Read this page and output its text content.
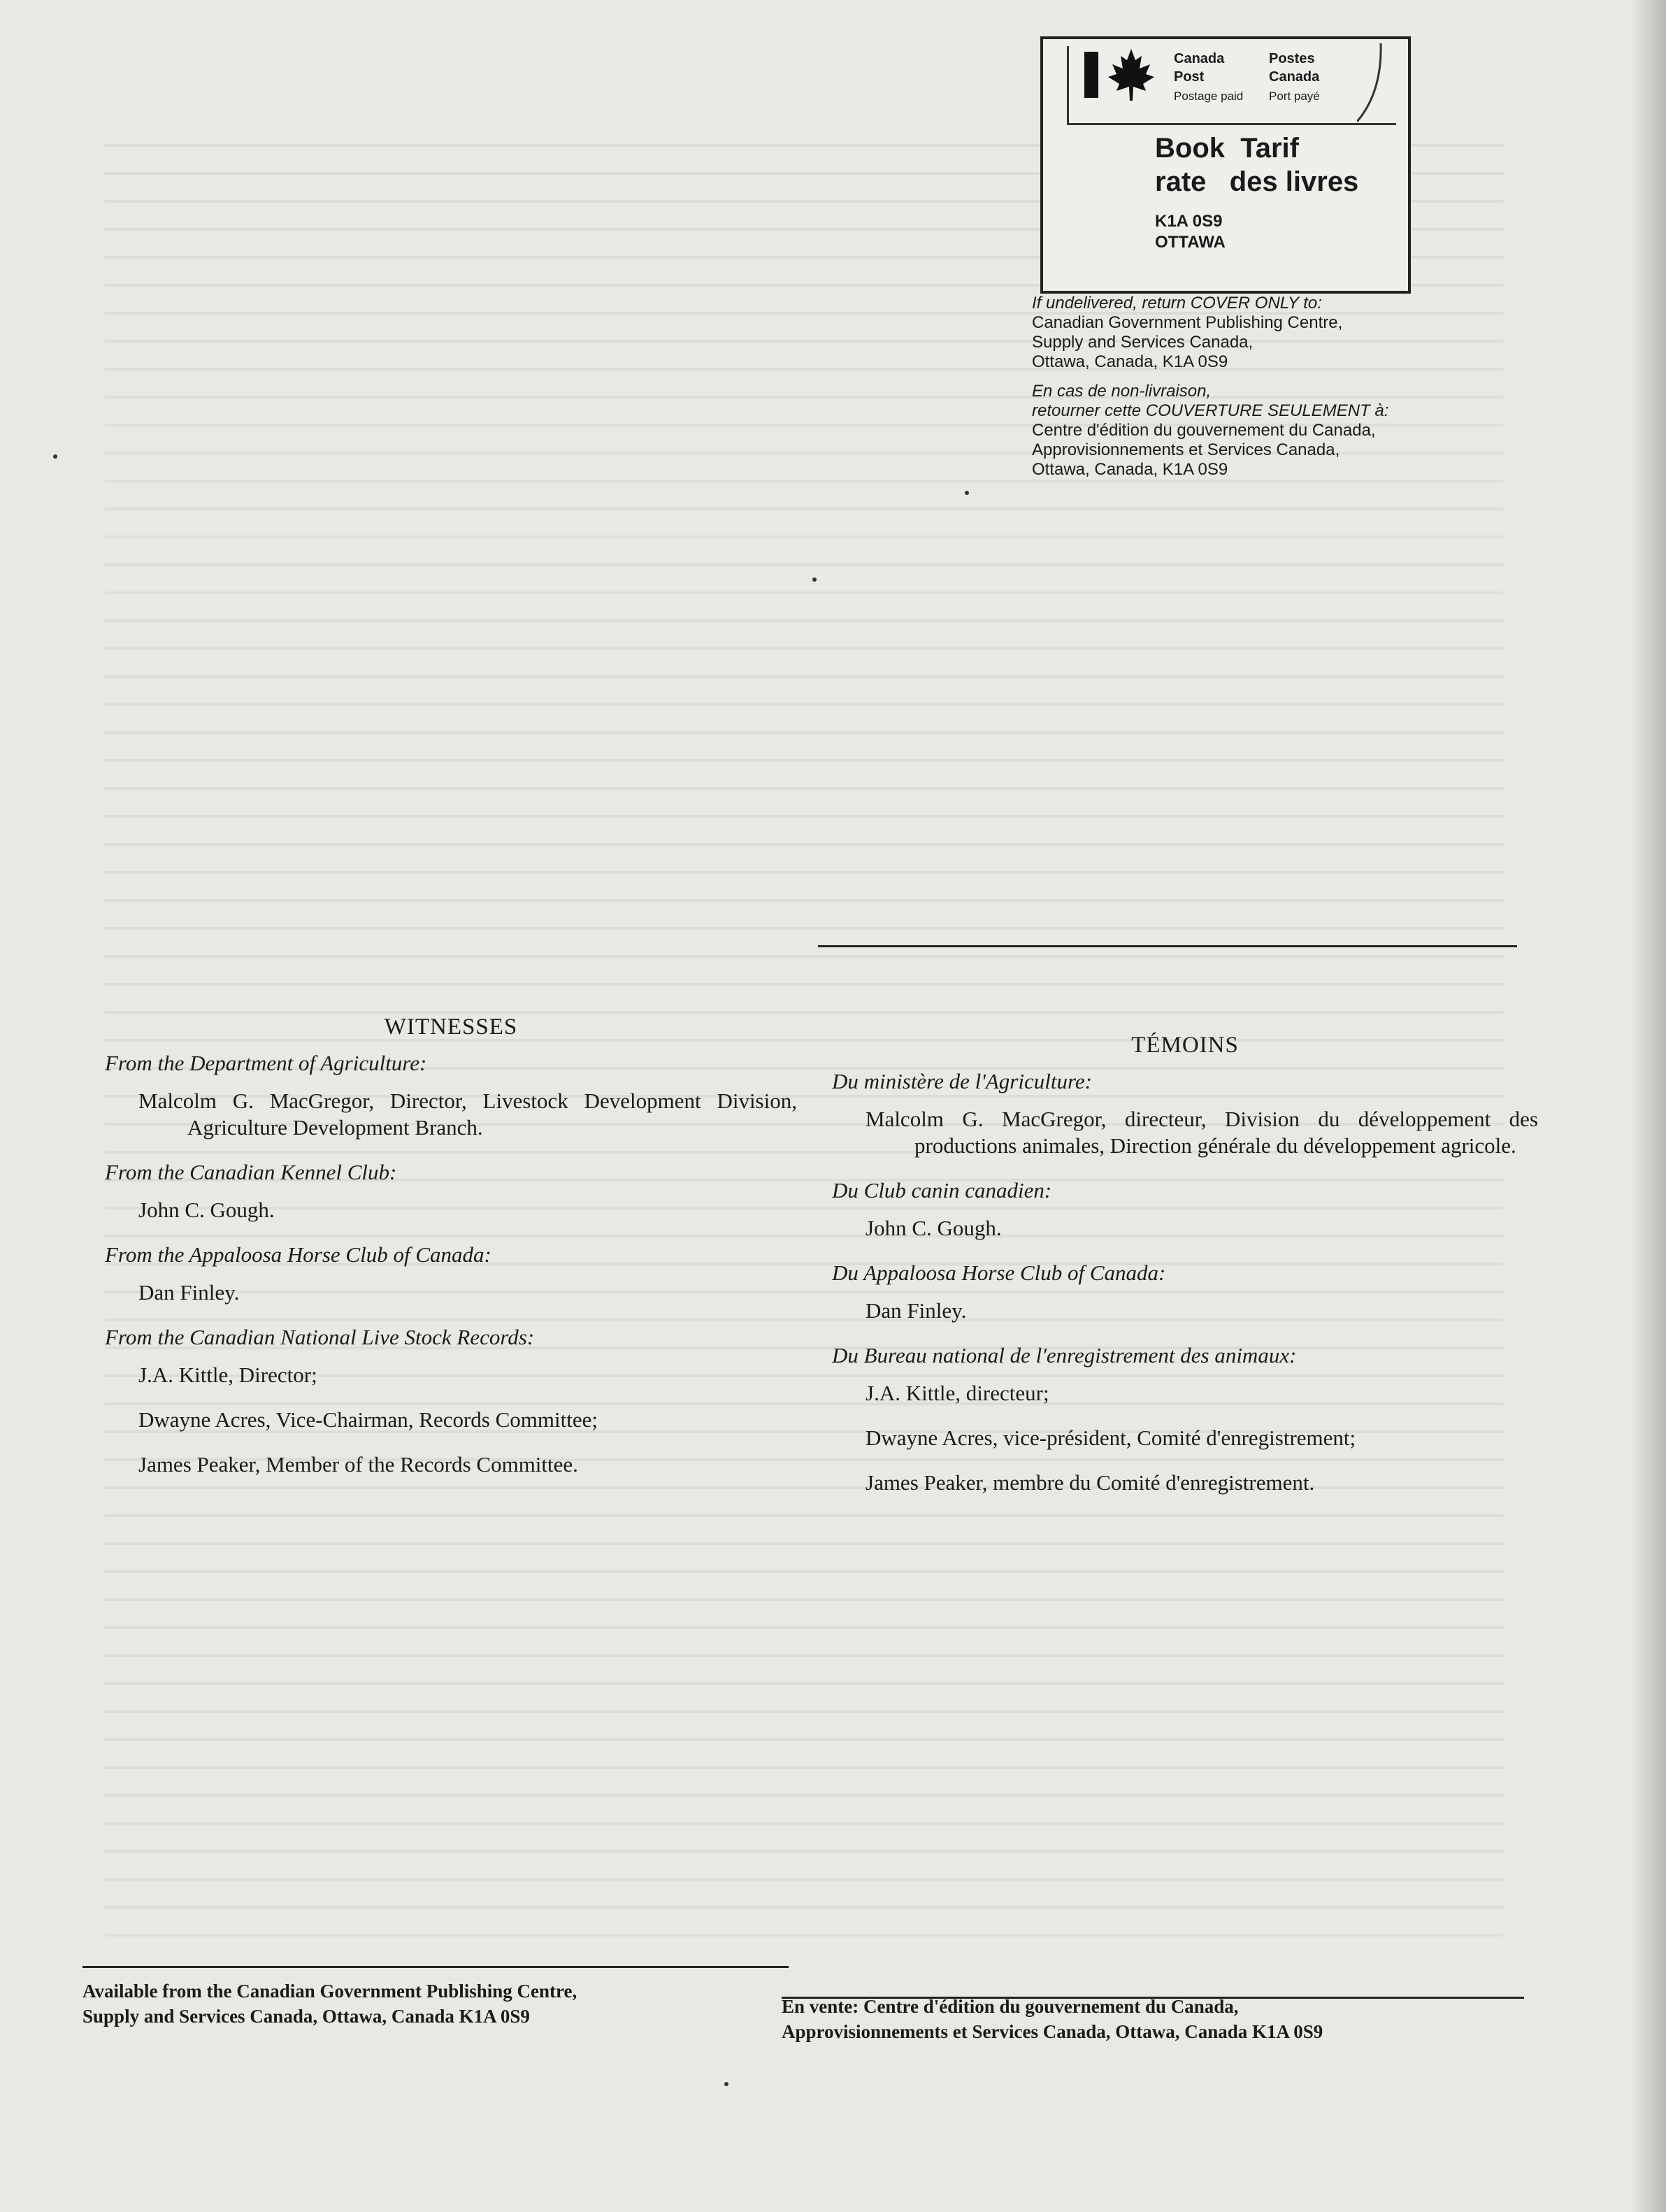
Canada	Postes
Post	Canada
Postage paid Port payé
Book Tarif
rate des livres
K1A 0S9
OTTAWA

If undelivered, return COVER ONLY to:
Canadian Government Publishing Centre,
Supply and Services Canada,
Ottawa, Canada, K1A 0S9

En cas de non-livraison,
retourner cette COUVERTURE SEULEMENT à:
Centre d'édition du gouvernement du Canada,
Approvisionnements et Services Canada,
Ottawa, Canada, K1A 0S9

WITNESSES
From the Department of Agriculture:
Malcolm G. MacGregor, Director, Livestock Development Division, Agriculture Development Branch.
From the Canadian Kennel Club:
John C. Gough.
From the Appaloosa Horse Club of Canada:
Dan Finley.
From the Canadian National Live Stock Records:
J.A. Kittle, Director;
Dwayne Acres, Vice-Chairman, Records Committee;
James Peaker, Member of the Records Committee.
TÉMOINS
Du ministère de l'Agriculture:
Malcolm G. MacGregor, directeur, Division du développement des productions animales, Direction générale du développement agricole.
Du Club canin canadien:
John C. Gough.
Du Appaloosa Horse Club of Canada:
Dan Finley.
Du Bureau national de l'enregistrement des animaux:
J.A. Kittle, directeur;
Dwayne Acres, vice-président, Comité d'enregistrement;
James Peaker, membre du Comité d'enregistrement.
Available from the Canadian Government Publishing Centre,
Supply and Services Canada, Ottawa, Canada K1A 0S9	En vente: Centre d'édition du gouvernement du Canada,
Approvisionnements et Services Canada, Ottawa, Canada K1A 0S9
